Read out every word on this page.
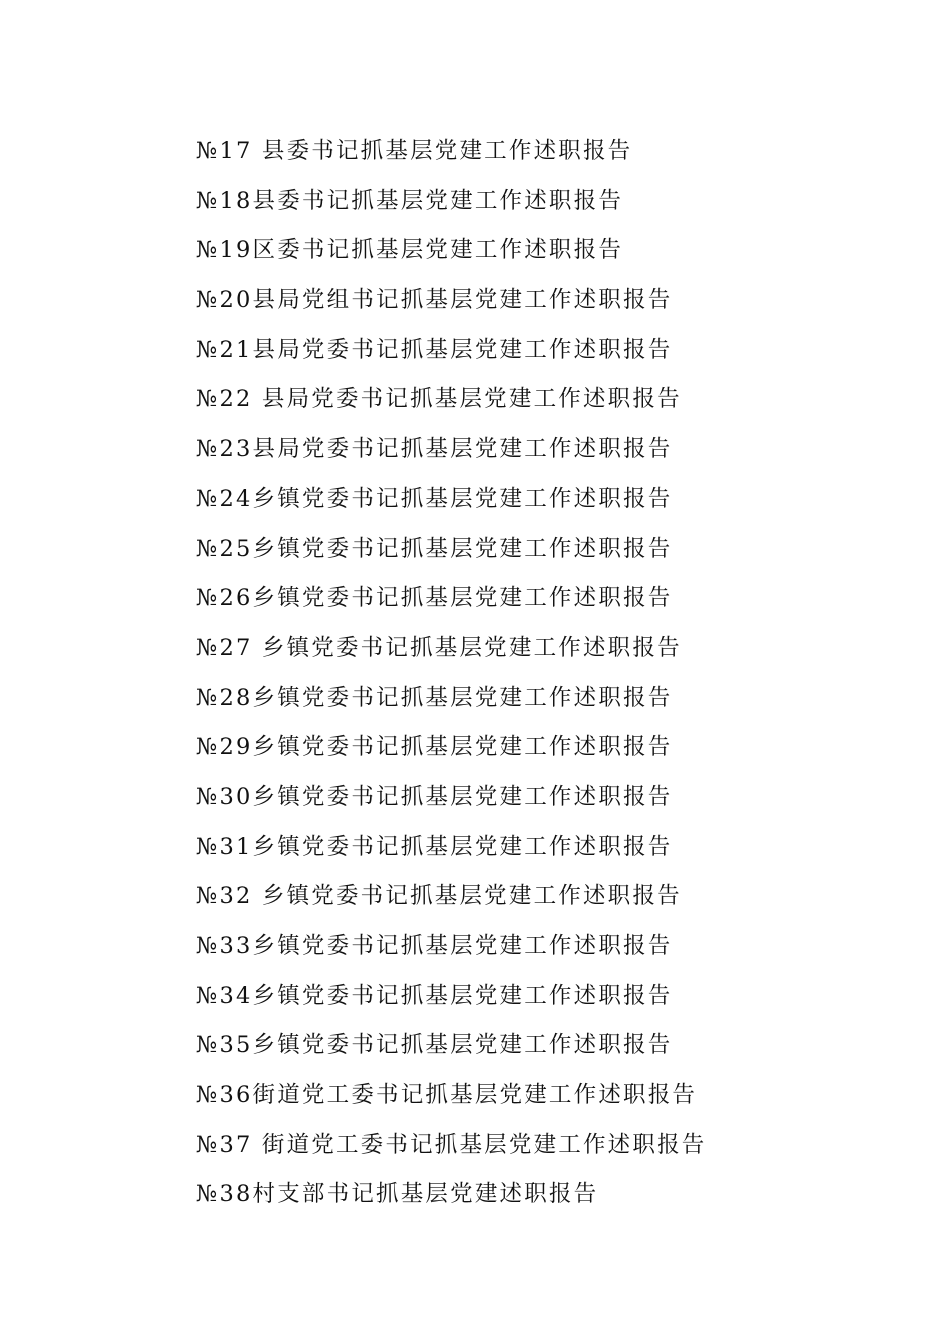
№17 县委书记抓基层党建工作述职报告
№18县委书记抓基层党建工作述职报告
№19区委书记抓基层党建工作述职报告
№20县局党组书记抓基层党建工作述职报告
№21县局党委书记抓基层党建工作述职报告
№22 县局党委书记抓基层党建工作述职报告
№23县局党委书记抓基层党建工作述职报告
№24乡镇党委书记抓基层党建工作述职报告
№25乡镇党委书记抓基层党建工作述职报告
№26乡镇党委书记抓基层党建工作述职报告
№27 乡镇党委书记抓基层党建工作述职报告
№28乡镇党委书记抓基层党建工作述职报告
№29乡镇党委书记抓基层党建工作述职报告
№30乡镇党委书记抓基层党建工作述职报告
№31乡镇党委书记抓基层党建工作述职报告
№32 乡镇党委书记抓基层党建工作述职报告
№33乡镇党委书记抓基层党建工作述职报告
№34乡镇党委书记抓基层党建工作述职报告
№35乡镇党委书记抓基层党建工作述职报告
№36街道党工委书记抓基层党建工作述职报告
№37 街道党工委书记抓基层党建工作述职报告
№38村支部书记抓基层党建述职报告
